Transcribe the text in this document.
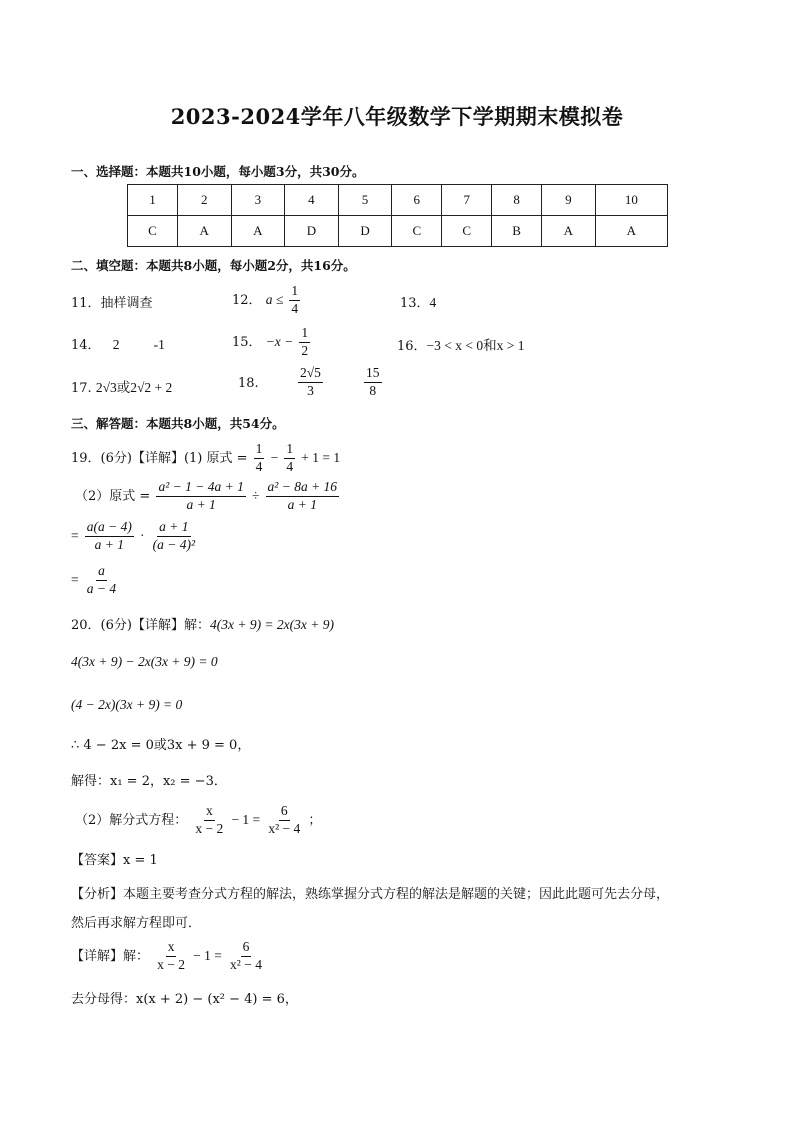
2023-2024学年八年级数学下学期期末模拟卷
一、选择题：本题共10小题，每小题3分，共30分。
1	2	3	4	5	6	7	8	9	10
C	A	A	D	D	C	C	B	A	A
二、填空题：本题共8小题，每小题2分，共16分。
11．抽样调查	12． $a \le \frac{1}{4}$	13．4
14． 2	-1	15． $-x - \frac{1}{2}$	16．−3 < x < 0和x > 1
17. 2√3或2√2 + 2	18.	$\frac{2√5}{3}$	$\frac{15}{8}$
三、解答题：本题共8小题，共54分。
19．(6分)【详解】(1) 原式 = $\frac{1}{4} - \frac{1}{4} + 1 = 1$
（2）原式 = $\frac{\text{a² − 1 − 4a + 1}}{a + 1} \div \frac{\text{a² − 8a + 16}}{a + 1}$
= $\frac{a(a - 4)}{a + 1} \cdot \frac{a + 1}{\text{(a − 4)²}}$
= $\frac{a}{a - 4}$
20．(6分)【详解】解：4(3x + 9) = 2x(3x + 9)
4(3x + 9) − 2x(3x + 9) = 0
(4 − 2x)(3x + 9) = 0
∴ 4 − 2x = 0或3x + 9 = 0，
解得：x₁ = 2，x₂ = −3．
（2）解分式方程： $\frac{x}{x - 2} - 1 = \frac{6}{\text{x² − 4}}$ ；
【答案】x = 1
【分析】本题主要考查分式方程的解法，熟练掌握分式方程的解法是解题的关键；因此此题可先去分母，
然后再求解方程即可．
【详解】解： $\frac{x}{x - 2} - 1 = \frac{6}{\text{x² − 4}}$
去分母得：x(x + 2) − (x² − 4) = 6，
